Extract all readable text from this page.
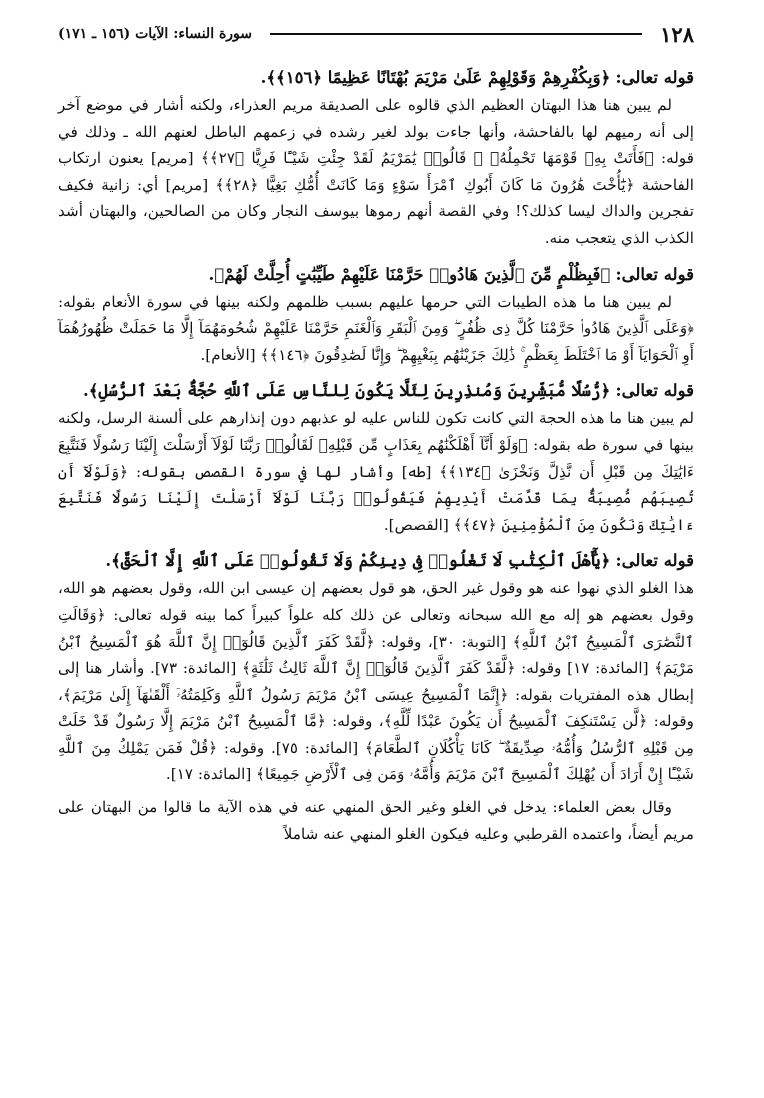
١٢٨
سورة النساء: الآيات (١٥٦ ـ ١٧١)
قوله تعالى: ﴿وَبِكُفْرِهِمْ وَقَوْلِهِمْ عَلَىٰ مَرْيَمَ بُهْتَانًا عَظِيمًا ﴿١٥٦﴾﴾.

لم يبين هنا هذا البهتان العظيم الذي قالوه على الصديقة مريم العذراء، ولكنه أشار في موضع آخر إلى أنه رميهم لها بالفاحشة، وأنها جاءت بولد لغير رشده في زعمهم الباطل لعنهم الله ـ وذلك في قوله: ﴿فَأَتَتْ بِهِۦ قَوْمَهَا تَحْمِلُهُۥ ۖ قَالُوا۟ يَٰمَرْيَمُ لَقَدْ جِئْتِ شَيْـًٔا فَرِيًّا ﴿٢٧﴾﴾ [مريم] يعنون ارتكاب الفاحشة ﴿يَٰٓأُخْتَ هَٰرُونَ مَا كَانَ أَبُوكِ ٱمْرَأَ سَوْءٍ وَمَا كَانَتْ أُمُّكِ بَغِيًّا ﴿٢٨﴾﴾ [مريم] أي: زانية فكيف تفجرين والداك ليسا كذلك؟! وفي القصة أنهم رموها بيوسف النجار وكان من الصالحين، والبهتان أشد الكذب الذي يتعجب منه.

قوله تعالى: ﴿فَبِظُلْمٍ مِّنَ ٱلَّذِينَ هَادُوا۟ حَرَّمْنَا عَلَيْهِمْ طَيِّبَٰتٍ أُحِلَّتْ لَهُمْ﴾.

لم يبين هنا ما هذه الطيبات التي حرمها عليهم بسبب ظلمهم ولكنه بينها في سورة الأنعام بقوله: ﴿وَعَلَى ٱلَّذِينَ هَادُوا۟ حَرَّمْنَا كُلَّ ذِى ظُفُرٍ ۖ وَمِنَ ٱلْبَقَرِ وَٱلْغَنَمِ حَرَّمْنَا عَلَيْهِمْ شُحُومَهُمَآ إِلَّا مَا حَمَلَتْ ظُهُورُهُمَآ أَوِ ٱلْحَوَايَآ أَوْ مَا ٱخْتَلَطَ بِعَظْمٍ ۚ ذَٰلِكَ جَزَيْنَٰهُم بِبَغْيِهِمْ ۖ وَإِنَّا لَصَٰدِقُونَ ﴿١٤٦﴾﴾ [الأنعام].

قوله تعالى: ﴿رُّسُلًا مُّبَشِّرِينَ وَمُنذِرِينَ لِئَلَّا يَكُونَ لِلنَّاسِ عَلَى ٱللَّهِ حُجَّةٌۢ بَعْدَ ٱلرُّسُلِ﴾.

لم يبين هنا ما هذه الحجة التي كانت تكون للناس عليه لو عذبهم دون إنذارهم على ألسنة الرسل، ولكنه بينها في سورة طه بقوله: ﴿وَلَوْ أَنَّآ أَهْلَكْنَٰهُم بِعَذَابٍ مِّن قَبْلِهِۦ لَقَالُوا۟ رَبَّنَا لَوْلَآ أَرْسَلْتَ إِلَيْنَا رَسُولًا فَنَتَّبِعَ ءَايَٰتِكَ مِن قَبْلِ أَن نَّذِلَّ وَنَخْزَىٰ ﴿١٣٤﴾﴾ [طه] وأشار لها في سورة القصص بقوله: ﴿وَلَوْلَآ أَن تُصِيبَهُم مُّصِيبَةٌۢ بِمَا قَدَّمَتْ أَيْدِيهِمْ فَيَقُولُوا۟ رَبَّنَا لَوْلَآ أَرْسَلْتَ إِلَيْنَا رَسُولًا فَنَتَّبِعَ ءَايَٰتِكَ وَنَكُونَ مِنَ ٱلْمُؤْمِنِينَ ﴿٤٧﴾﴾ [القصص].

قوله تعالى: ﴿يَٰٓأَهْلَ ٱلْكِتَٰبِ لَا تَغْلُوا۟ فِى دِينِكُمْ وَلَا تَقُولُوا۟ عَلَى ٱللَّهِ إِلَّا ٱلْحَقَّ﴾.

هذا الغلو الذي نهوا عنه هو وقول غير الحق، هو قول بعضهم إن عيسى ابن الله، وقول بعضهم هو الله، وقول بعضهم هو إله مع الله سبحانه وتعالى عن ذلك كله علواً كبيراً كما بينه قوله تعالى: ﴿وَقَالَتِ ٱلنَّصَٰرَى ٱلْمَسِيحُ ٱبْنُ ٱللَّهِ﴾ [التوبة: ٣٠]، وقوله: ﴿لَّقَدْ كَفَرَ ٱلَّذِينَ قَالُوٓا۟ إِنَّ ٱللَّهَ هُوَ ٱلْمَسِيحُ ٱبْنُ مَرْيَمَ﴾ [المائدة: ١٧] وقوله: ﴿لَّقَدْ كَفَرَ ٱلَّذِينَ قَالُوٓا۟ إِنَّ ٱللَّهَ ثَالِثُ ثَلَٰثَةٍ﴾ [المائدة: ٧٣]. وأشار هنا إلى إبطال هذه المفتريات بقوله: ﴿إِنَّمَا ٱلْمَسِيحُ عِيسَى ٱبْنُ مَرْيَمَ رَسُولُ ٱللَّهِ وَكَلِمَتُهُۥٓ أَلْقَىٰهَآ إِلَىٰ مَرْيَمَ﴾، وقوله: ﴿لَّن يَسْتَنكِفَ ٱلْمَسِيحُ أَن يَكُونَ عَبْدًا لِّلَّهِ﴾، وقوله: ﴿مَّا ٱلْمَسِيحُ ٱبْنُ مَرْيَمَ إِلَّا رَسُولٌ قَدْ خَلَتْ مِن قَبْلِهِ ٱلرُّسُلُ وَأُمُّهُۥ صِدِّيقَةٌ ۖ كَانَا يَأْكُلَانِ ٱلطَّعَامَ﴾ [المائدة: ٧٥]. وقوله: ﴿قُلْ فَمَن يَمْلِكُ مِنَ ٱللَّهِ شَيْـًٔا إِنْ أَرَادَ أَن يُهْلِكَ ٱلْمَسِيحَ ٱبْنَ مَرْيَمَ وَأُمَّهُۥ وَمَن فِى ٱلْأَرْضِ جَمِيعًا﴾ [المائدة: ١٧].

وقال بعض العلماء: يدخل في الغلو وغير الحق المنهي عنه في هذه الآية ما قالوا من البهتان على مريم أيضاً، واعتمده القرطبي وعليه فيكون الغلو المنهي عنه شاملاً
